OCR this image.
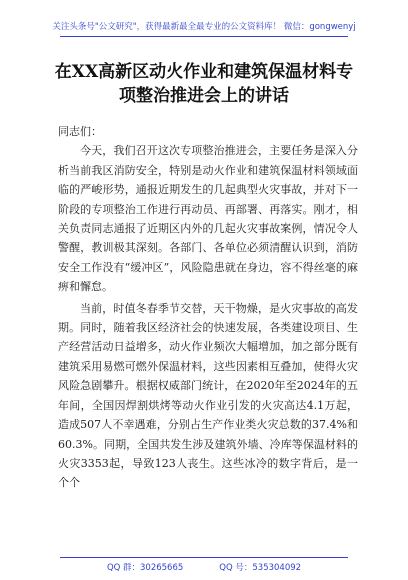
关注头条号"公文研究"，获得最新最全最专业的公文资料库！ 微信：gongwenyj
在XX高新区动火作业和建筑保温材料专
项整治推进会上的讲话

同志们：

今天，我们召开这次专项整治推进会，主要任务是深入分析当前我区消防安全，特别是动火作业和建筑保温材料领域面临的严峻形势，通报近期发生的几起典型火灾事故，并对下一阶段的专项整治工作进行再动员、再部署、再落实。刚才，相关负责同志通报了近期区内外的几起火灾事故案例，情况令人警醒，教训极其深刻。各部门、各单位必须清醒认识到，消防安全工作没有“缓冲区”，风险隐患就在身边，容不得丝毫的麻痹和懈怠。

当前，时值冬春季节交替，天干物燥，是火灾事故的高发期。同时，随着我区经济社会的快速发展，各类建设项目、生产经营活动日益增多，动火作业频次大幅增加，加之部分既有建筑采用易燃可燃外保温材料，这些因素相互叠加，使得火灾风险急剧攀升。根据权威部门统计，在2020年至2024年的五年间，全国因焊割烘烤等动火作业引发的火灾高达4.1万起，造成507人不幸遇难，分别占生产作业类火灾总数的37.4%和60.3%。同期，全国共发生涉及建筑外墙、冷库等保温材料的火灾3353起，导致123人丧生。这些冰冷的数字背后，是一个个

QQ 群：30265665	QQ 号：535304092
